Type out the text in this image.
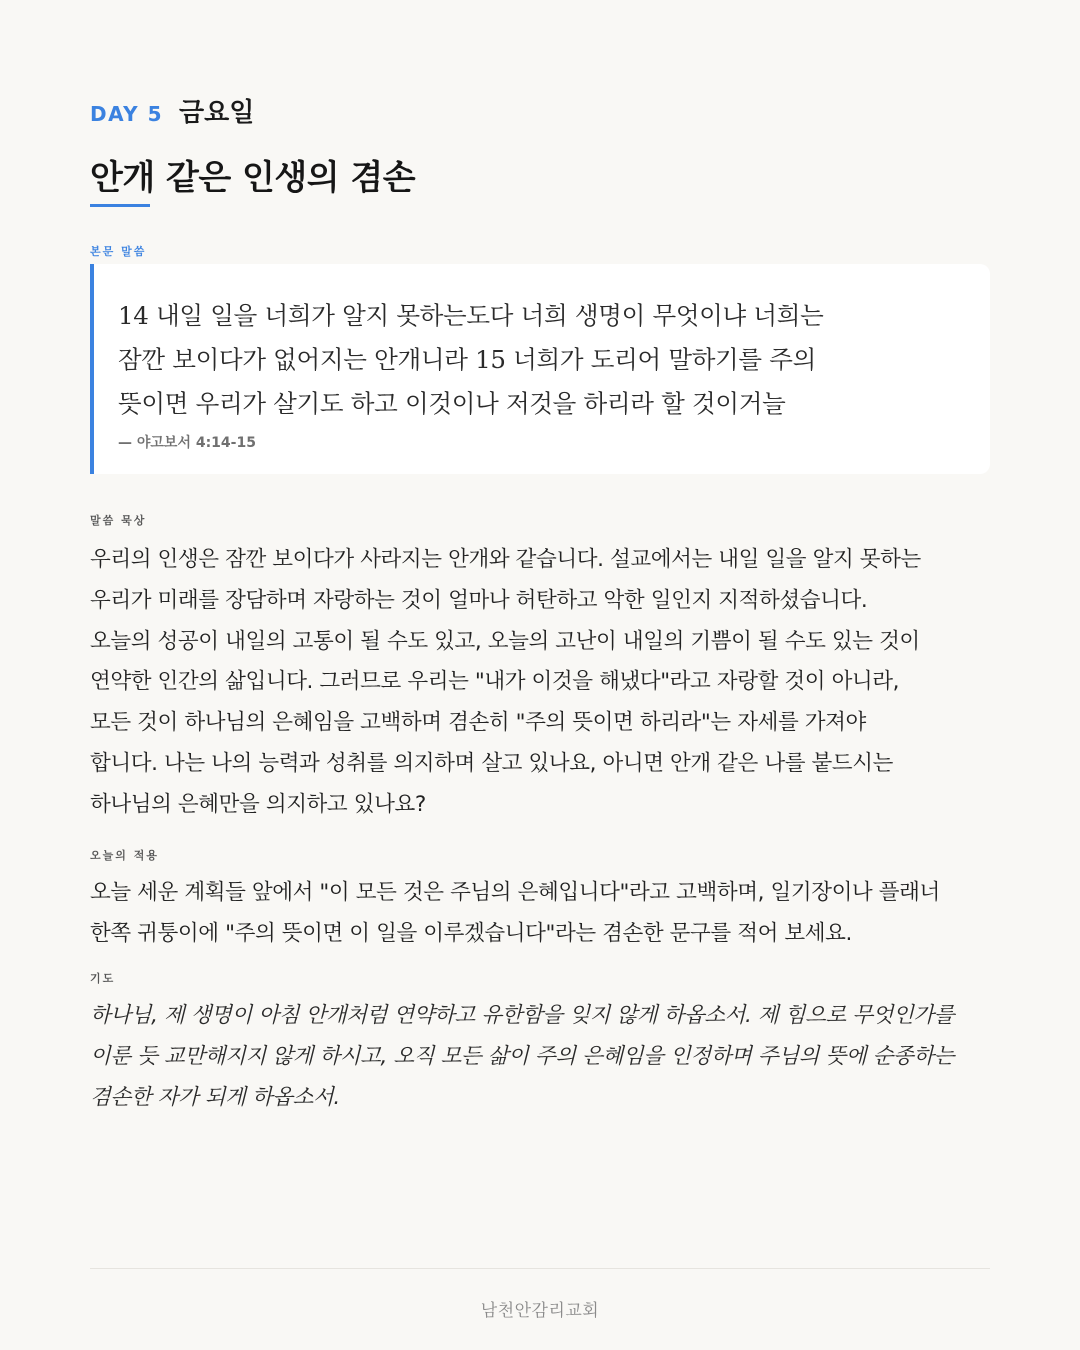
DAY 5 금요일
안개 같은 인생의 겸손
본문 말씀
14 내일 일을 너희가 알지 못하는도다 너희 생명이 무엇이냐 너희는
잠깐 보이다가 없어지는 안개니라 15 너희가 도리어 말하기를 주의
뜻이면 우리가 살기도 하고 이것이나 저것을 하리라 할 것이거늘
— 야고보서 4:14-15
말씀 묵상
우리의 인생은 잠깐 보이다가 사라지는 안개와 같습니다. 설교에서는 내일 일을 알지 못하는
우리가 미래를 장담하며 자랑하는 것이 얼마나 허탄하고 악한 일인지 지적하셨습니다.
오늘의 성공이 내일의 고통이 될 수도 있고, 오늘의 고난이 내일의 기쁨이 될 수도 있는 것이
연약한 인간의 삶입니다. 그러므로 우리는 "내가 이것을 해냈다"라고 자랑할 것이 아니라,
모든 것이 하나님의 은혜임을 고백하며 겸손히 "주의 뜻이면 하리라"는 자세를 가져야
합니다. 나는 나의 능력과 성취를 의지하며 살고 있나요, 아니면 안개 같은 나를 붙드시는
하나님의 은혜만을 의지하고 있나요?
오늘의 적용
오늘 세운 계획들 앞에서 "이 모든 것은 주님의 은혜입니다"라고 고백하며, 일기장이나 플래너
한쪽 귀퉁이에 "주의 뜻이면 이 일을 이루겠습니다"라는 겸손한 문구를 적어 보세요.
기도
하나님, 제 생명이 아침 안개처럼 연약하고 유한함을 잊지 않게 하옵소서. 제 힘으로 무엇인가를
이룬 듯 교만해지지 않게 하시고, 오직 모든 삶이 주의 은혜임을 인정하며 주님의 뜻에 순종하는
겸손한 자가 되게 하옵소서.
남천안감리교회
